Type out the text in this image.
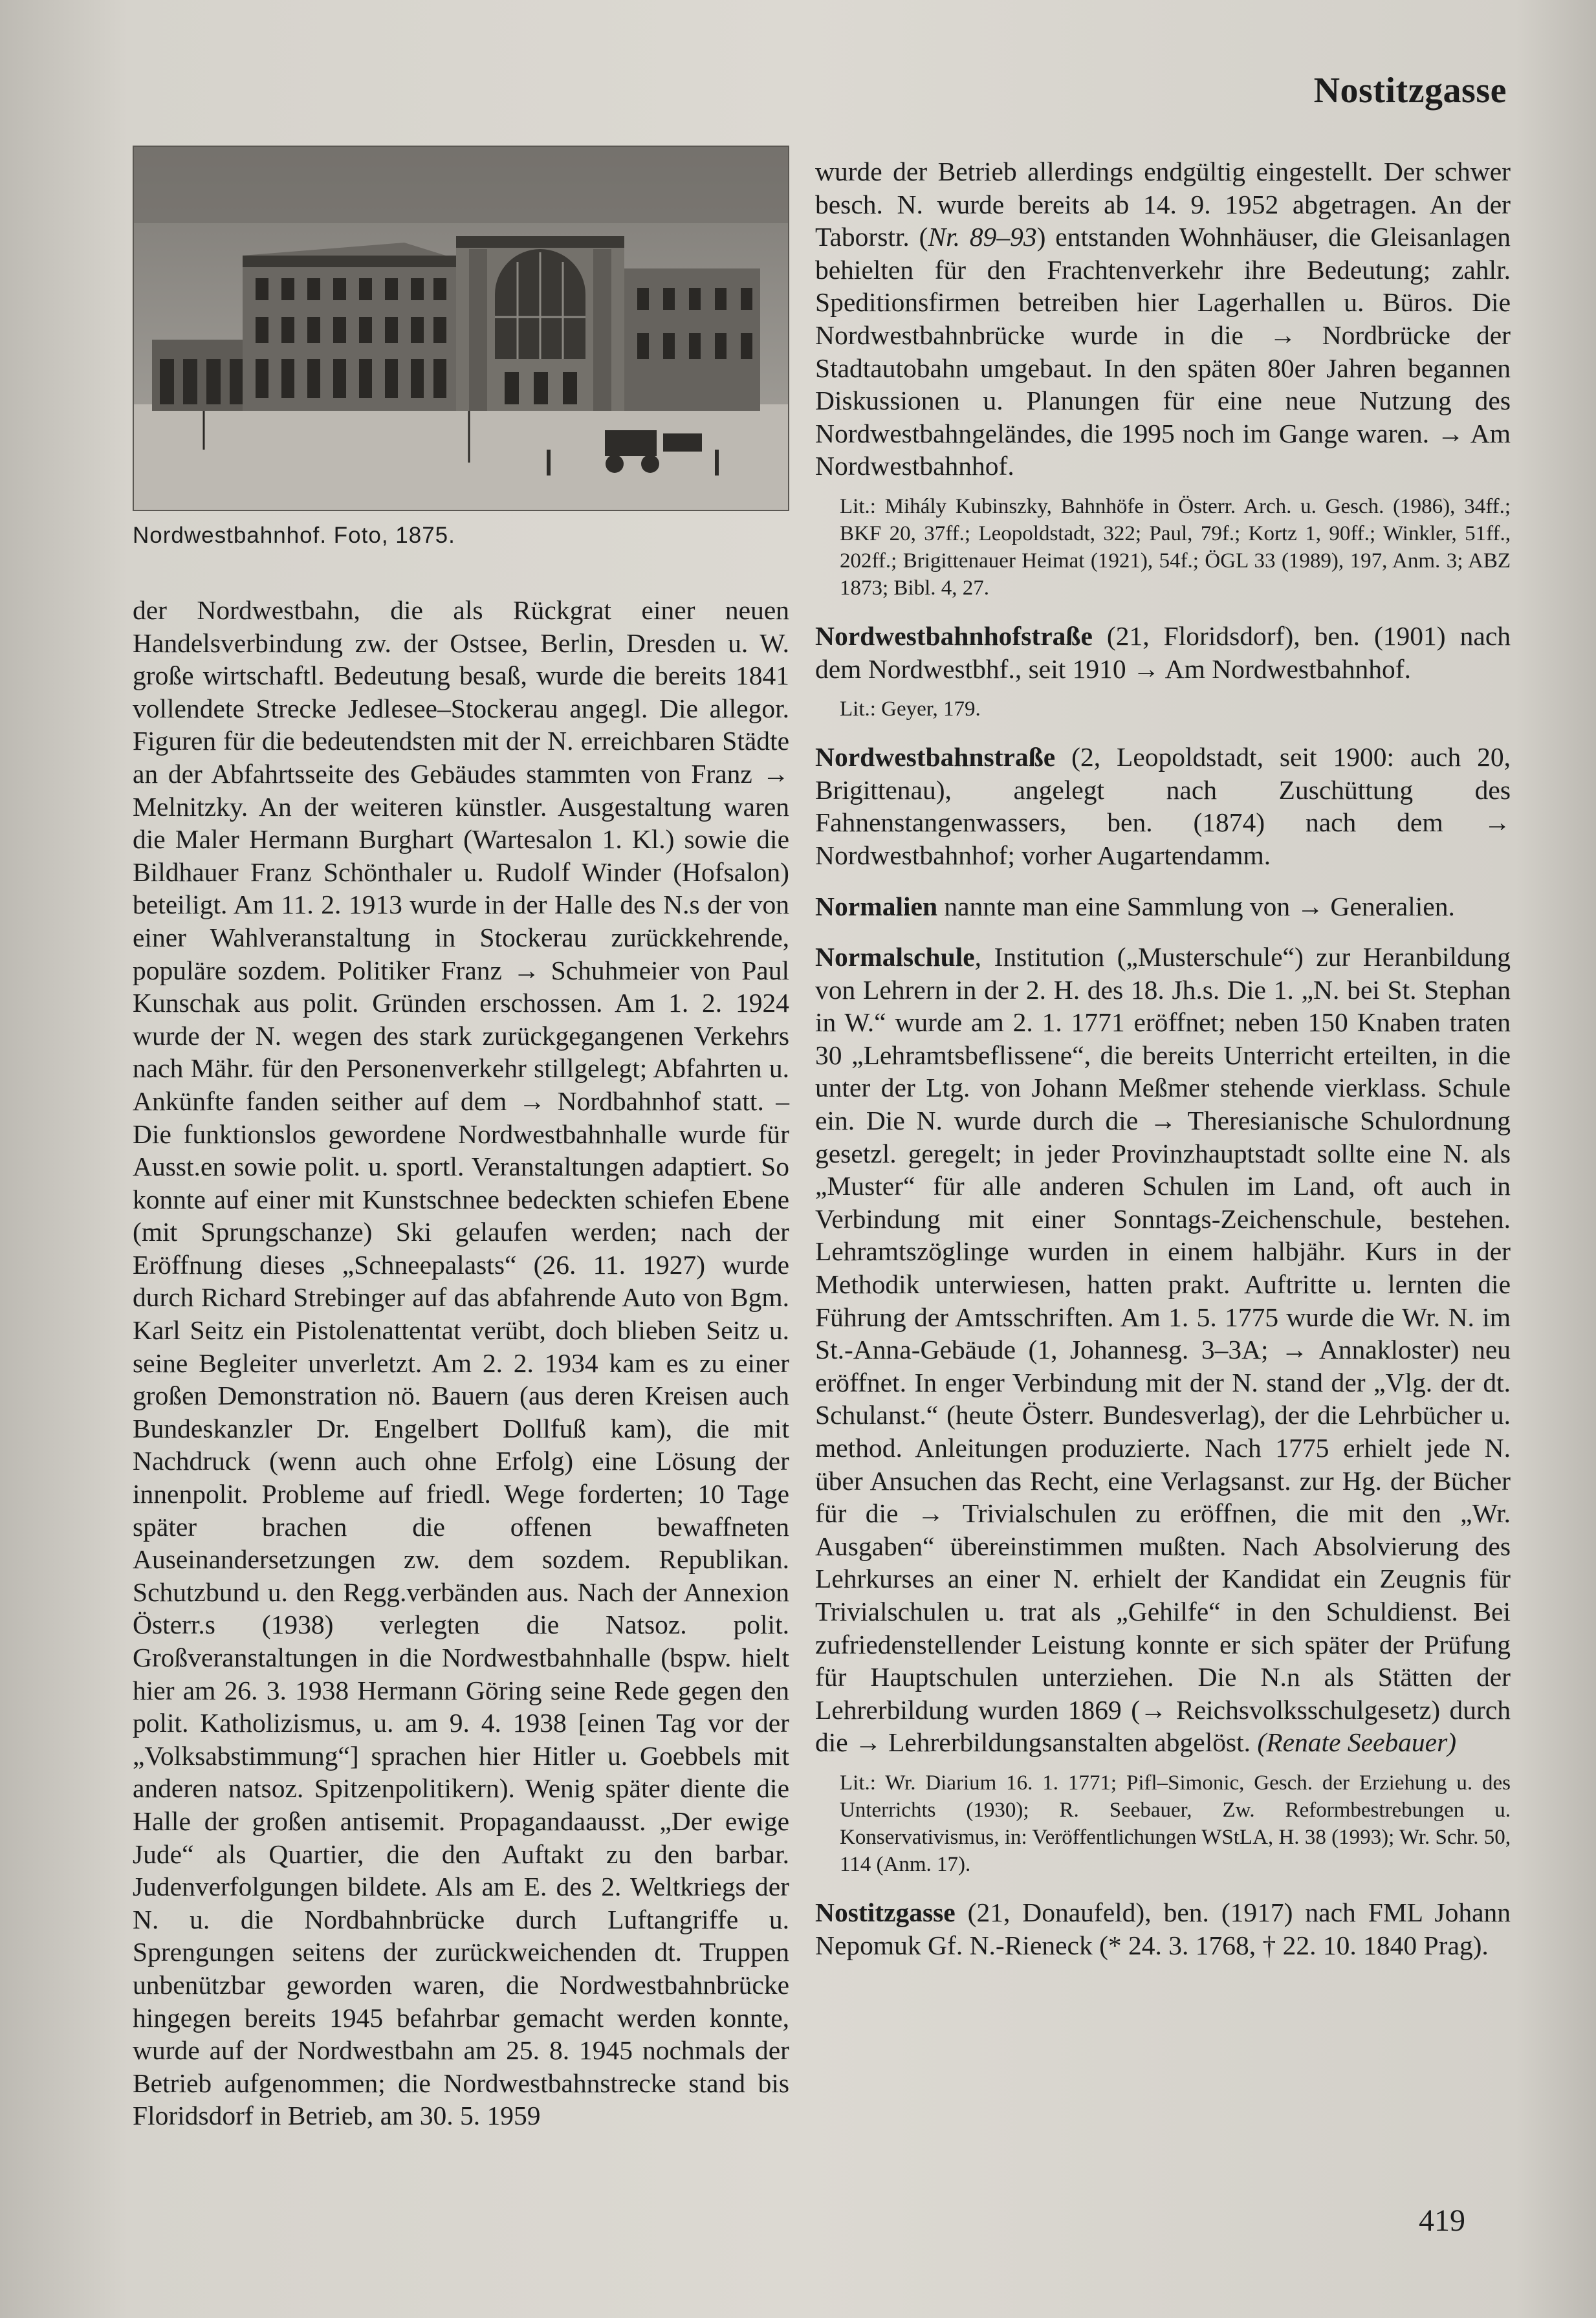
Nostitzgasse
Nordwestbahnhof. Foto, 1875.

der Nordwestbahn, die als Rückgrat einer neuen Handelsverbindung zw. der Ostsee, Berlin, Dresden u. W. große wirtschaftl. Bedeutung besaß, wurde die bereits 1841 vollendete Strecke Jedlesee–Stockerau angegl. Die allegor. Figuren für die bedeutendsten mit der N. erreichbaren Städte an der Abfahrtsseite des Gebäudes stammten von Franz → Melnitzky. An der weiteren künstler. Ausgestaltung waren die Maler Hermann Burghart (Wartesalon 1. Kl.) sowie die Bildhauer Franz Schönthaler u. Rudolf Winder (Hofsalon) beteiligt. Am 11. 2. 1913 wurde in der Halle des N.s der von einer Wahlveranstaltung in Stockerau zurückkehrende, populäre sozdem. Politiker Franz → Schuhmeier von Paul Kunschak aus polit. Gründen erschossen. Am 1. 2. 1924 wurde der N. wegen des stark zurückgegangenen Verkehrs nach Mähr. für den Personenverkehr stillgelegt; Abfahrten u. Ankünfte fanden seither auf dem → Nordbahnhof statt. – Die funktionslos gewordene Nordwestbahnhalle wurde für Ausst.en sowie polit. u. sportl. Veranstaltungen adaptiert. So konnte auf einer mit Kunstschnee bedeckten schiefen Ebene (mit Sprungschanze) Ski gelaufen werden; nach der Eröffnung dieses „Schneepalasts“ (26. 11. 1927) wurde durch Richard Strebinger auf das abfahrende Auto von Bgm. Karl Seitz ein Pistolenattentat verübt, doch blieben Seitz u. seine Begleiter unverletzt. Am 2. 2. 1934 kam es zu einer großen Demonstration nö. Bauern (aus deren Kreisen auch Bundeskanzler Dr. Engelbert Dollfuß kam), die mit Nachdruck (wenn auch ohne Erfolg) eine Lösung der innenpolit. Probleme auf friedl. Wege forderten; 10 Tage später brachen die offenen bewaffneten Auseinandersetzungen zw. dem sozdem. Republikan. Schutzbund u. den Regg.verbänden aus. Nach der Annexion Österr.s (1938) verlegten die Natsoz. polit. Großveranstaltungen in die Nordwestbahnhalle (bspw. hielt hier am 26. 3. 1938 Hermann Göring seine Rede gegen den polit. Katholizismus, u. am 9. 4. 1938 [einen Tag vor der „Volksabstimmung“] sprachen hier Hitler u. Goebbels mit anderen natsoz. Spitzenpolitikern). Wenig später diente die Halle der großen antisemit. Propagandaausst. „Der ewige Jude“ als Quartier, die den Auftakt zu den barbar. Judenverfolgungen bildete. Als am E. des 2. Weltkriegs der N. u. die Nordbahnbrücke durch Luftangriffe u. Sprengungen seitens der zurückweichenden dt. Truppen unbenützbar geworden waren, die Nordwestbahnbrücke hingegen bereits 1945 befahrbar gemacht werden konnte, wurde auf der Nordwestbahn am 25. 8. 1945 nochmals der Betrieb aufgenommen; die Nordwestbahnstrecke stand bis Floridsdorf in Betrieb, am 30. 5. 1959

wurde der Betrieb allerdings endgültig eingestellt. Der schwer besch. N. wurde bereits ab 14. 9. 1952 abgetragen. An der Taborstr. (Nr. 89–93) entstanden Wohnhäuser, die Gleisanlagen behielten für den Frachtenverkehr ihre Bedeutung; zahlr. Speditionsfirmen betreiben hier Lagerhallen u. Büros. Die Nordwestbahnbrücke wurde in die → Nordbrücke der Stadtautobahn umgebaut. In den späten 80er Jahren begannen Diskussionen u. Planungen für eine neue Nutzung des Nordwestbahngeländes, die 1995 noch im Gange waren. → Am Nordwestbahnhof.

Lit.: Mihály Kubinszky, Bahnhöfe in Österr. Arch. u. Gesch. (1986), 34ff.; BKF 20, 37ff.; Leopoldstadt, 322; Paul, 79f.; Kortz 1, 90ff.; Winkler, 51ff., 202ff.; Brigittenauer Heimat (1921), 54f.; ÖGL 33 (1989), 197, Anm. 3; ABZ 1873; Bibl. 4, 27.

Nordwestbahnhofstraße (21, Floridsdorf), ben. (1901) nach dem Nordwestbhf., seit 1910 → Am Nordwestbahnhof.

Lit.: Geyer, 179.

Nordwestbahnstraße (2, Leopoldstadt, seit 1900: auch 20, Brigittenau), angelegt nach Zuschüttung des Fahnenstangenwassers, ben. (1874) nach dem → Nordwestbahnhof; vorher Augartendamm.

Normalien nannte man eine Sammlung von → Generalien.

Normalschule, Institution („Musterschule“) zur Heranbildung von Lehrern in der 2. H. des 18. Jh.s. Die 1. „N. bei St. Stephan in W.“ wurde am 2. 1. 1771 eröffnet; neben 150 Knaben traten 30 „Lehramtsbeflissene“, die bereits Unterricht erteilten, in die unter der Ltg. von Johann Meßmer stehende vierklass. Schule ein. Die N. wurde durch die → Theresianische Schulordnung gesetzl. geregelt; in jeder Provinzhauptstadt sollte eine N. als „Muster“ für alle anderen Schulen im Land, oft auch in Verbindung mit einer Sonntags-Zeichenschule, bestehen. Lehramtszöglinge wurden in einem halbjähr. Kurs in der Methodik unterwiesen, hatten prakt. Auftritte u. lernten die Führung der Amtsschriften. Am 1. 5. 1775 wurde die Wr. N. im St.-Anna-Gebäude (1, Johannesg. 3–3A; → Annakloster) neu eröffnet. In enger Verbindung mit der N. stand der „Vlg. der dt. Schulanst.“ (heute Österr. Bundesverlag), der die Lehrbücher u. method. Anleitungen produzierte. Nach 1775 erhielt jede N. über Ansuchen das Recht, eine Verlagsanst. zur Hg. der Bücher für die → Trivialschulen zu eröffnen, die mit den „Wr. Ausgaben“ übereinstimmen mußten. Nach Absolvierung des Lehrkurses an einer N. erhielt der Kandidat ein Zeugnis für Trivialschulen u. trat als „Gehilfe“ in den Schuldienst. Bei zufriedenstellender Leistung konnte er sich später der Prüfung für Hauptschulen unterziehen. Die N.n als Stätten der Lehrerbildung wurden 1869 (→ Reichsvolksschulgesetz) durch die → Lehrerbildungsanstalten abgelöst. (Renate Seebauer)

Lit.: Wr. Diarium 16. 1. 1771; Pifl–Simonic, Gesch. der Erziehung u. des Unterrichts (1930); R. Seebauer, Zw. Reformbestrebungen u. Konservativismus, in: Veröffentlichungen WStLA, H. 38 (1993); Wr. Schr. 50, 114 (Anm. 17).

Nostitzgasse (21, Donaufeld), ben. (1917) nach FML Johann Nepomuk Gf. N.-Rieneck (* 24. 3. 1768, † 22. 10. 1840 Prag).

419
